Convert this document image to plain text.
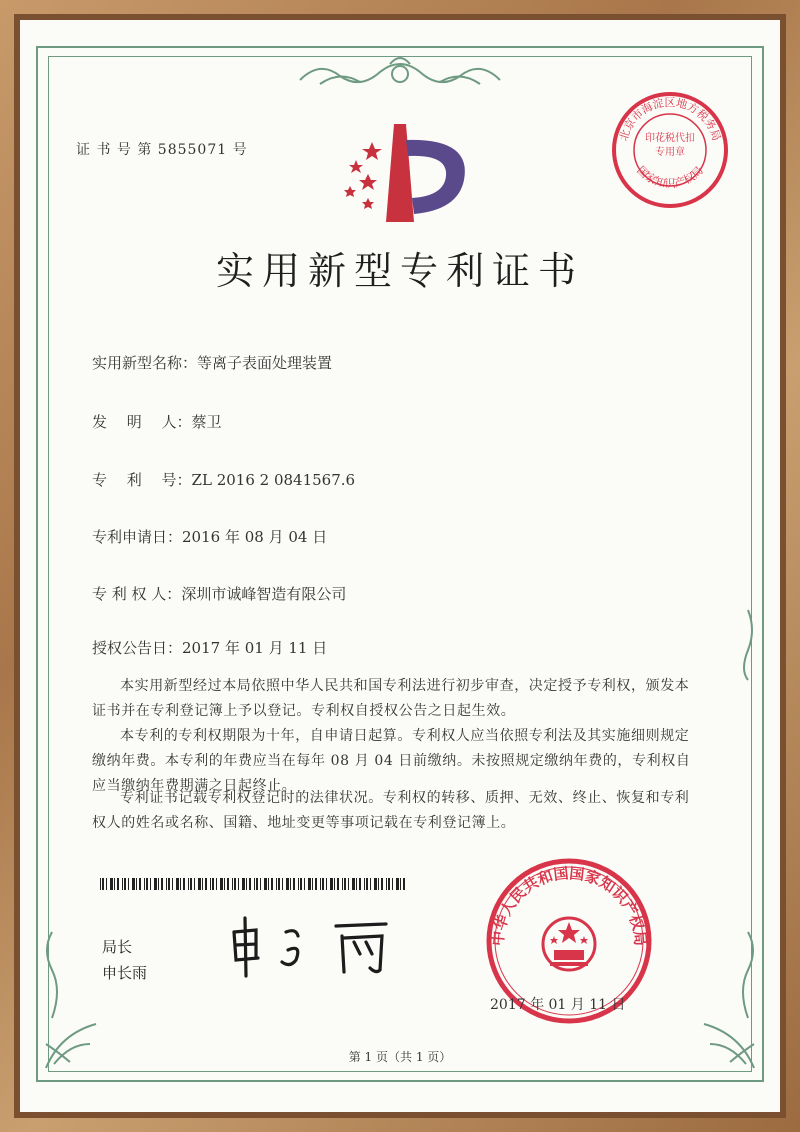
证 书 号 第 5855071 号
北京市海淀区地方税务局
国家知识产权局
印花税代扣专用章
实用新型专利证书
实用新型名称：等离子表面处理装置
发　 明　 人：蔡卫
专　 利　 号：ZL 2016 2 0841567.6
专利申请日：2016 年 08 月 04 日
专 利 权 人：深圳市诚峰智造有限公司
授权公告日：2017 年 01 月 11 日

本实用新型经过本局依照中华人民共和国专利法进行初步审查，决定授予专利权，颁发本证书并在专利登记簿上予以登记。专利权自授权公告之日起生效。

本专利的专利权期限为十年，自申请日起算。专利权人应当依照专利法及其实施细则规定缴纳年费。本专利的年费应当在每年 08 月 04 日前缴纳。未按照规定缴纳年费的，专利权自应当缴纳年费期满之日起终止。

专利证书记载专利权登记时的法律状况。专利权的转移、质押、无效、终止、恢复和专利权人的姓名或名称、国籍、地址变更等事项记载在专利登记簿上。

局长
申长雨
中华人民共和国国家知识产权局
2017 年 01 月 11 日
第 1 页（共 1 页）
